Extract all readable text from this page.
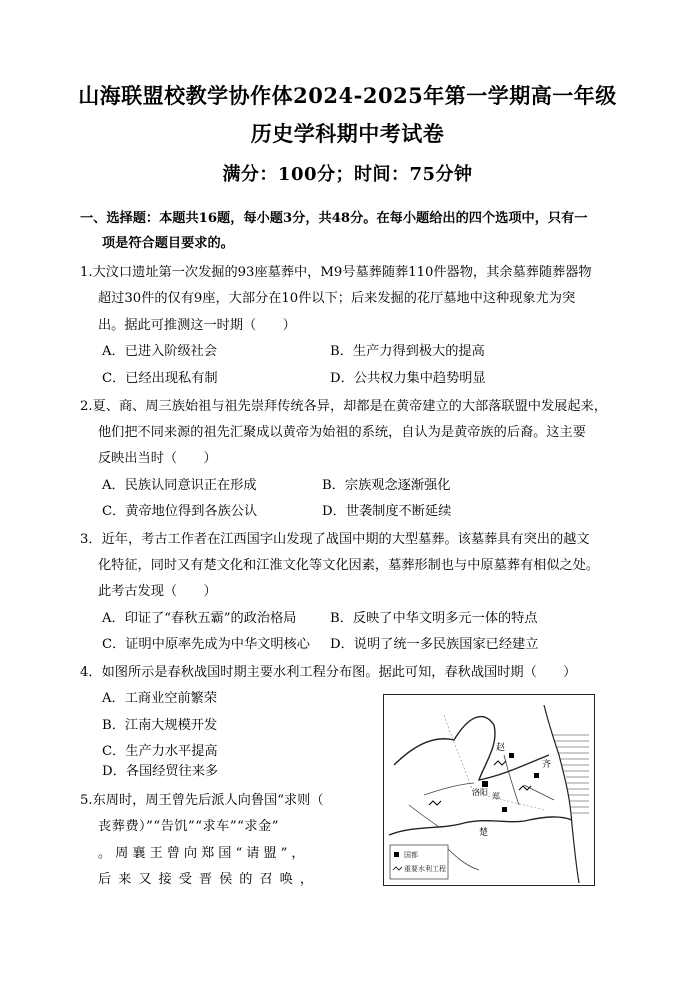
山海联盟校教学协作体2024-2025年第一学期高一年级
历史学科期中考试卷
满分：100分；时间：75分钟
一、选择题：本题共16题，每小题3分，共48分。在每小题给出的四个选项中，只有一
项是符合题目要求的。
1.大汶口遗址第一次发掘的93座墓葬中，M9号墓葬随葬110件器物，其余墓葬随葬器物
超过30件的仅有9座，大部分在10件以下；后来发掘的花厅墓地中这种现象尤为突
出。据此可推测这一时期（　　）
A．已进入阶级社会	B．生产力得到极大的提高
C．已经出现私有制	D．公共权力集中趋势明显
2.夏、商、周三族始祖与祖先崇拜传统各异，却都是在黄帝建立的大部落联盟中发展起来，
他们把不同来源的祖先汇聚成以黄帝为始祖的系统，自认为是黄帝族的后裔。这主要
反映出当时（　　）
A．民族认同意识正在形成	B．宗族观念逐渐强化
C．黄帝地位得到各族公认	D．世袭制度不断延续
3．近年，考古工作者在江西国字山发现了战国中期的大型墓葬。该墓葬具有突出的越文
化特征，同时又有楚文化和江淮文化等文化因素，墓葬形制也与中原墓葬有相似之处。
此考古发现（　　）
A．印证了“春秋五霸”的政治格局	B．反映了中华文明多元一体的特点
C．证明中原率先成为中华文明核心 D．说明了统一多民族国家已经建立
4．如图所示是春秋战国时期主要水利工程分布图。据此可知，春秋战国时期（　　）
A．工商业空前繁荣
B．江南大规模开发
C．生产力水平提高
D．各国经贸往来多
5.东周时，周王曾先后派人向鲁国“求则（
丧葬费）”“告饥”“求车”“求金”
。周襄王曾向郑国“请盟”，
后来又接受晋侯的召唤，
赵
齐
洛阳 郑
楚
国都
重要水利工程
